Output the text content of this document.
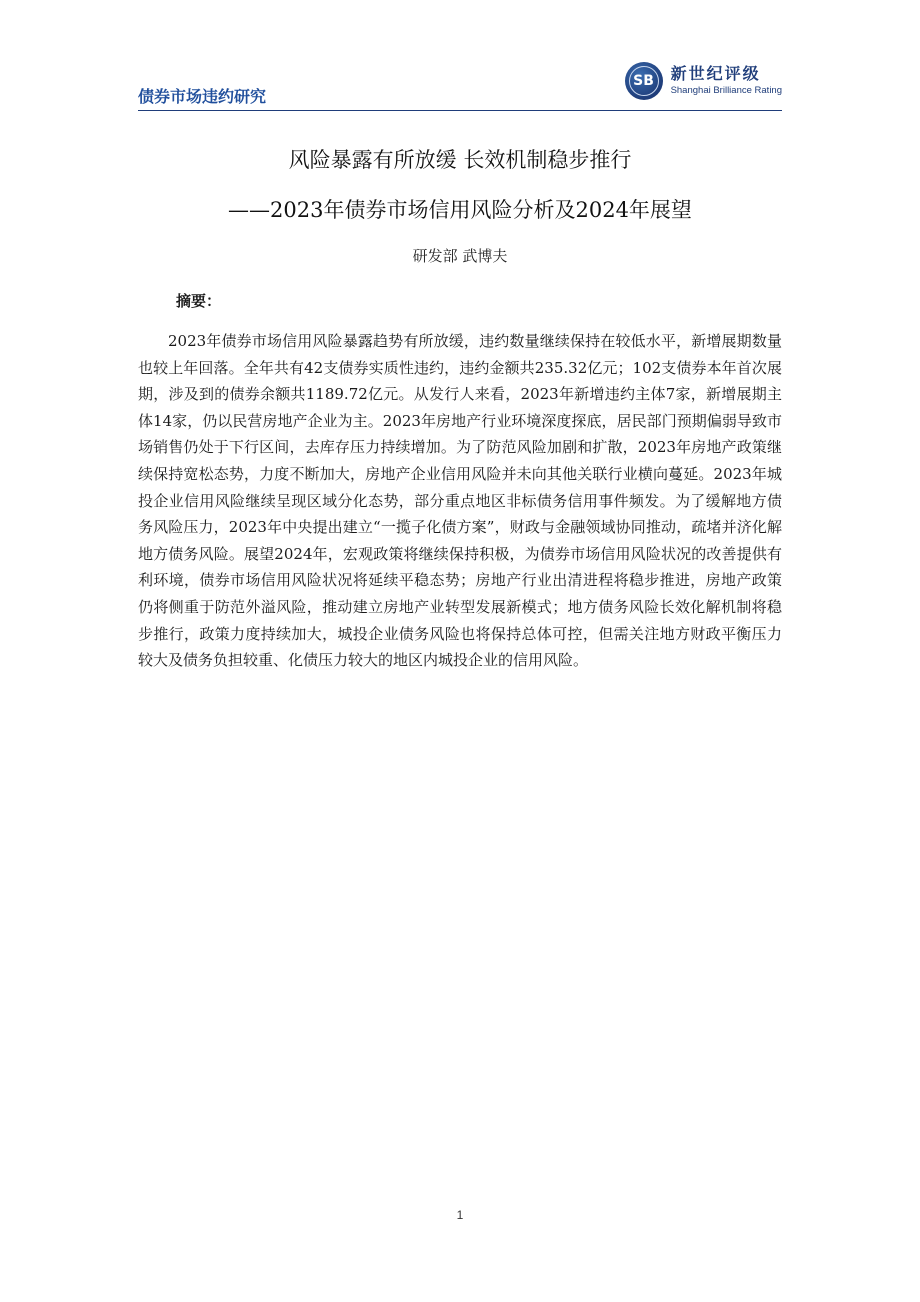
债券市场违约研究
SB 新世纪评级
Shanghai Brilliance Rating
风险暴露有所放缓 长效机制稳步推行
——2023年债券市场信用风险分析及2024年展望
研发部 武博夫
摘要：

2023年债券市场信用风险暴露趋势有所放缓，违约数量继续保持在较低水平，新增展期数量也较上年回落。全年共有42支债券实质性违约，违约金额共235.32亿元；102支债券本年首次展期，涉及到的债券余额共1189.72亿元。从发行人来看，2023年新增违约主体7家，新增展期主体14家，仍以民营房地产企业为主。2023年房地产行业环境深度探底，居民部门预期偏弱导致市场销售仍处于下行区间，去库存压力持续增加。为了防范风险加剧和扩散，2023年房地产政策继续保持宽松态势，力度不断加大，房地产企业信用风险并未向其他关联行业横向蔓延。2023年城投企业信用风险继续呈现区域分化态势，部分重点地区非标债务信用事件频发。为了缓解地方债务风险压力，2023年中央提出建立“一揽子化债方案”，财政与金融领域协同推动，疏堵并济化解地方债务风险。展望2024年，宏观政策将继续保持积极，为债券市场信用风险状况的改善提供有利环境，债券市场信用风险状况将延续平稳态势；房地产行业出清进程将稳步推进，房地产政策仍将侧重于防范外溢风险，推动建立房地产业转型发展新模式；地方债务风险长效化解机制将稳步推行，政策力度持续加大，城投企业债务风险也将保持总体可控，但需关注地方财政平衡压力较大及债务负担较重、化债压力较大的地区内城投企业的信用风险。

1
